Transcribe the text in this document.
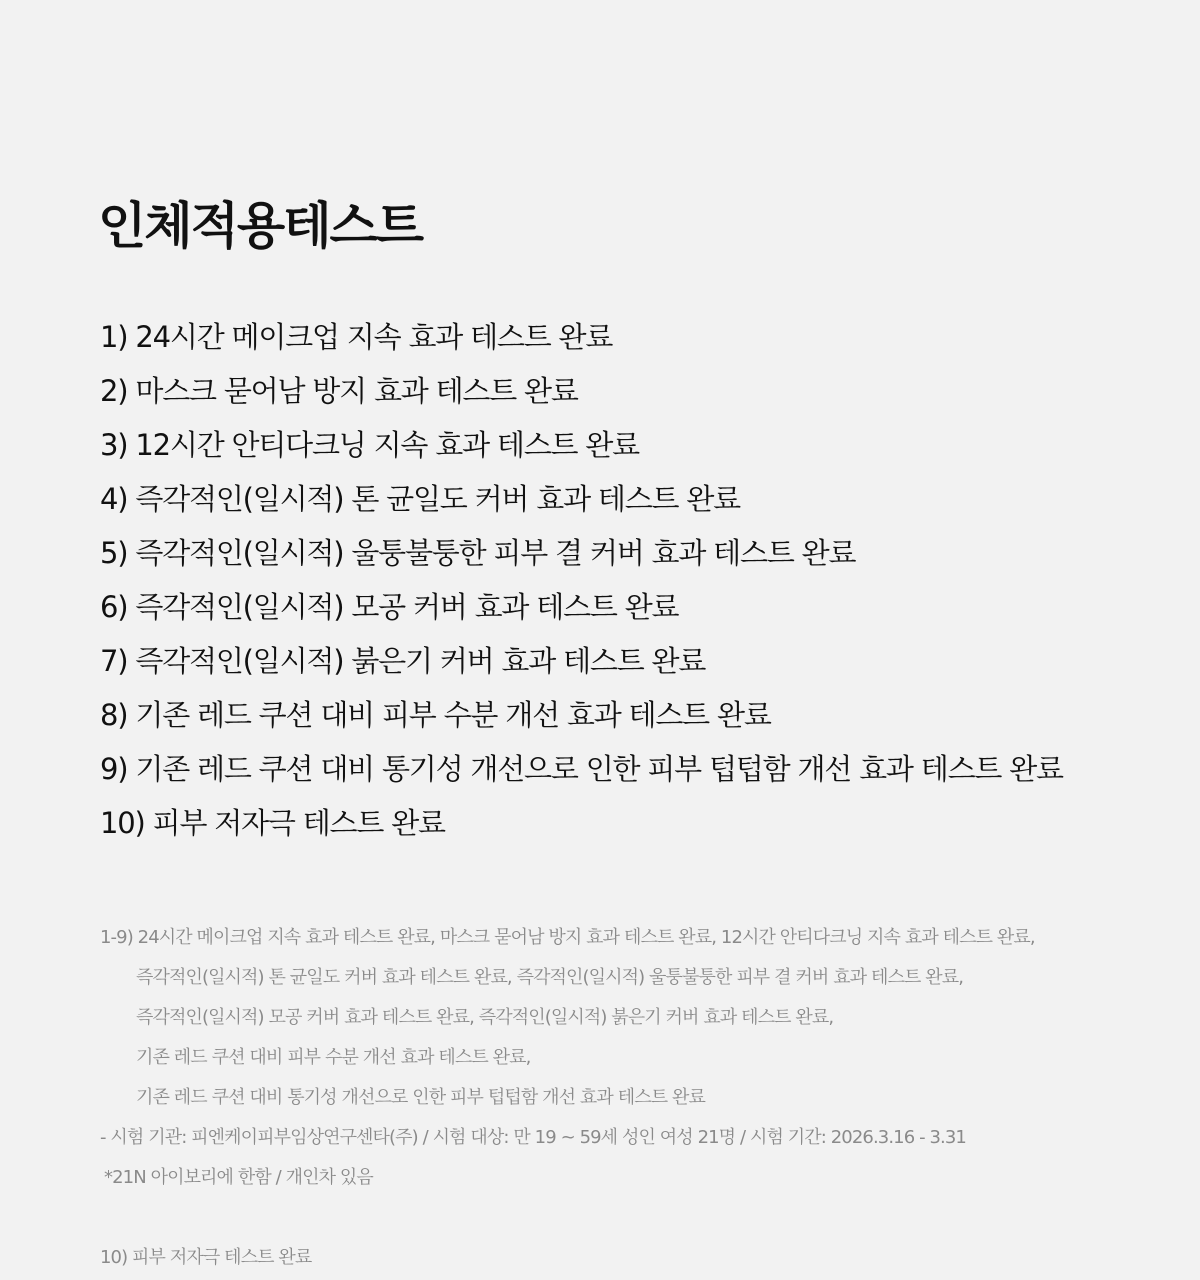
인체적용테스트
1) 24시간 메이크업 지속 효과 테스트 완료
2) 마스크 묻어남 방지 효과 테스트 완료
3) 12시간 안티다크닝 지속 효과 테스트 완료
4) 즉각적인(일시적) 톤 균일도 커버 효과 테스트 완료
5) 즉각적인(일시적) 울퉁불퉁한 피부 결 커버 효과 테스트 완료
6) 즉각적인(일시적) 모공 커버 효과 테스트 완료
7) 즉각적인(일시적) 붉은기 커버 효과 테스트 완료
8) 기존 레드 쿠션 대비 피부 수분 개선 효과 테스트 완료
9) 기존 레드 쿠션 대비 통기성 개선으로 인한 피부 텁텁함 개선 효과 테스트 완료
10) 피부 저자극 테스트 완료
1-9) 24시간 메이크업 지속 효과 테스트 완료, 마스크 묻어남 방지 효과 테스트 완료, 12시간 안티다크닝 지속 효과 테스트 완료,
즉각적인(일시적) 톤 균일도 커버 효과 테스트 완료, 즉각적인(일시적) 울퉁불퉁한 피부 결 커버 효과 테스트 완료,
즉각적인(일시적) 모공 커버 효과 테스트 완료, 즉각적인(일시적) 붉은기 커버 효과 테스트 완료,
기존 레드 쿠션 대비 피부 수분 개선 효과 테스트 완료,
기존 레드 쿠션 대비 통기성 개선으로 인한 피부 텁텁함 개선 효과 테스트 완료
- 시험 기관: 피엔케이피부임상연구센타(주) / 시험 대상: 만 19 ~ 59세 성인 여성 21명 / 시험 기간: 2026.3.16 - 3.31
*21N 아이보리에 한함 / 개인차 있음
10) 피부 저자극 테스트 완료
